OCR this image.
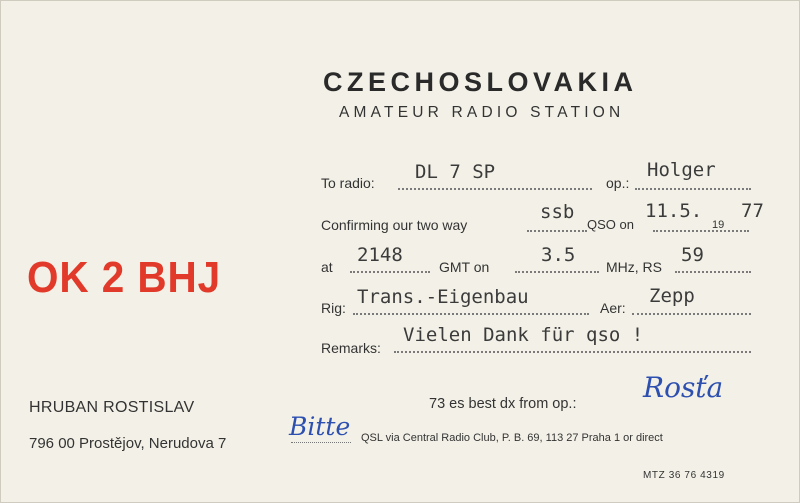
CZECHOSLOVAKIA
AMATEUR RADIO STATION
OK 2 BHJ
To radio: DL 7 SP	op.:
Holger
Confirming our two way
ssb
QSO on
11.5.
19
77
at
2148
GMT on
3.5
MHz, RS
59
Rig: Trans.-Eigenbau	Aer:
Zepp
Remarks:
Vielen Dank für qso !
73 es best dx from op.: Rosťa
HRUBAN ROSTISLAV
796 00 Prostějov, Nerudova 7
Bitte QSL via Central Radio Club, P. B. 69, 113 27 Praha 1 or direct
MTZ 36 76 4319
